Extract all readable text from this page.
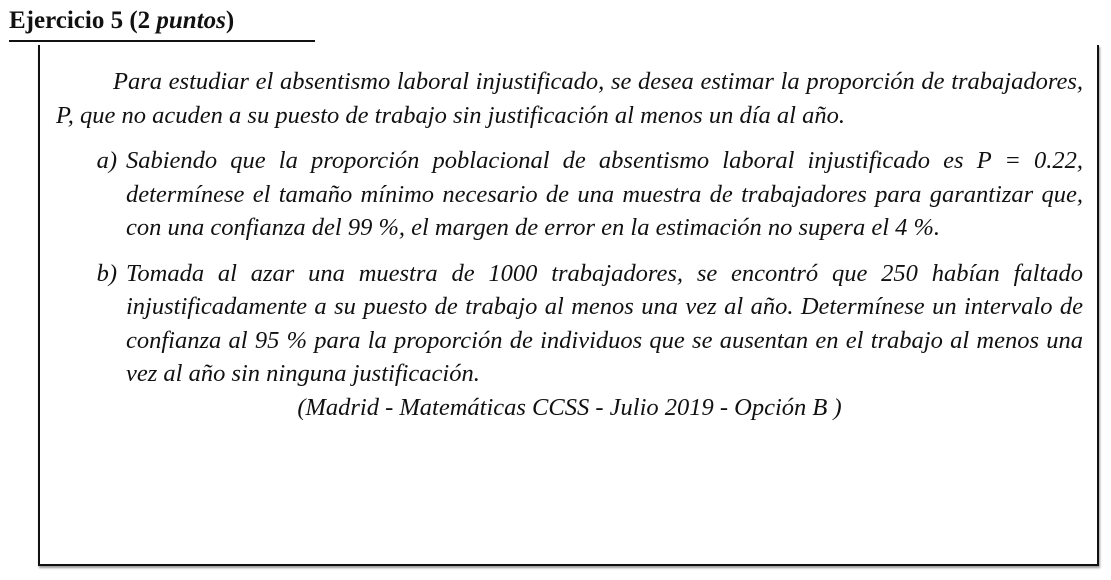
Ejercicio 5 (2 puntos)

Para estudiar el absentismo laboral injustificado, se desea estimar la proporción de trabajadores, P, que no acuden a su puesto de trabajo sin justificación al menos un día al año.

a) Sabiendo que la proporción poblacional de absentismo laboral injustificado es P = 0.22, determínese el tamaño mínimo necesario de una muestra de trabajadores para garantizar que, con una confianza del 99 %, el margen de error en la estimación no supera el 4 %.
b) Tomada al azar una muestra de 1000 trabajadores, se encontró que 250 habían faltado injustificadamente a su puesto de trabajo al menos una vez al año. Determínese un intervalo de confianza al 95 % para la proporción de individuos que se ausentan en el trabajo al menos una vez al año sin ninguna justificación.

(Madrid - Matemáticas CCSS - Julio 2019 - Opción B )
